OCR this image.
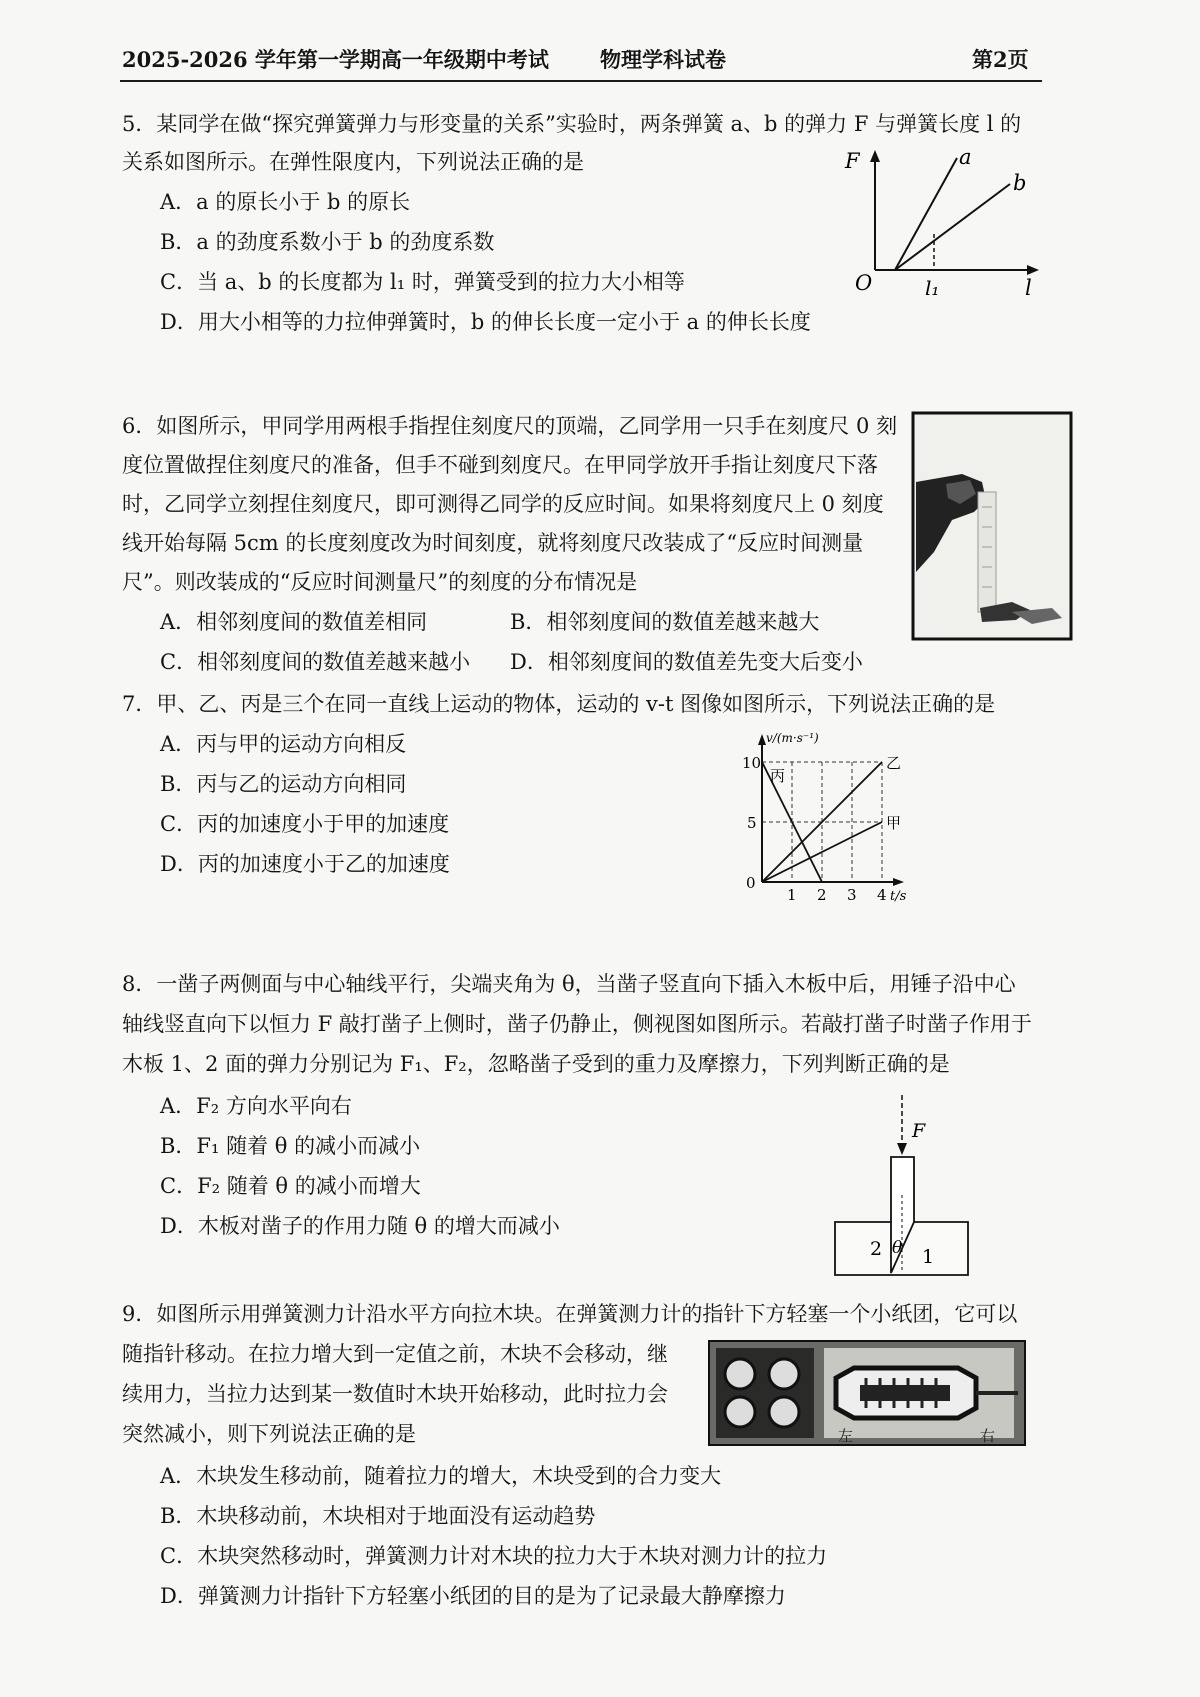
2025-2026 学年第一学期高一年级期中考试 物理学科试卷	第2页
5．某同学在做“探究弹簧弹力与形变量的关系”实验时，两条弹簧 a、b 的弹力 F 与弹簧长度 l 的
关系如图所示。在弹性限度内，下列说法正确的是
A．a 的原长小于 b 的原长
B．a 的劲度系数小于 b 的劲度系数
C．当 a、b 的长度都为 l₁ 时，弹簧受到的拉力大小相等
D．用大小相等的力拉伸弹簧时，b 的伸长长度一定小于 a 的伸长长度
F
O	l₁	l
a
b
6．如图所示，甲同学用两根手指捏住刻度尺的顶端，乙同学用一只手在刻度尺 0 刻
度位置做捏住刻度尺的准备，但手不碰到刻度尺。在甲同学放开手指让刻度尺下落
时，乙同学立刻捏住刻度尺，即可测得乙同学的反应时间。如果将刻度尺上 0 刻度
线开始每隔 5cm 的长度刻度改为时间刻度，就将刻度尺改装成了“反应时间测量
尺”。则改装成的“反应时间测量尺”的刻度的分布情况是
A．相邻刻度间的数值差相同	B．相邻刻度间的数值差越来越大
C．相邻刻度间的数值差越来越小 D．相邻刻度间的数值差先变大后变小
7．甲、乙、丙是三个在同一直线上运动的物体，运动的 v-t 图像如图所示，下列说法正确的是
A．丙与甲的运动方向相反
B．丙与乙的运动方向相同
C．丙的加速度小于甲的加速度
D．丙的加速度小于乙的加速度
v/(m·s⁻¹)
10
5
0
1 2 3 4 t/s
丙
乙
甲
8．一凿子两侧面与中心轴线平行，尖端夹角为 θ，当凿子竖直向下插入木板中后，用锤子沿中心
轴线竖直向下以恒力 F 敲打凿子上侧时，凿子仍静止，侧视图如图所示。若敲打凿子时凿子作用于
木板 1、2 面的弹力分别记为 F₁、F₂，忽略凿子受到的重力及摩擦力，下列判断正确的是
A．F₂ 方向水平向右
B．F₁ 随着 θ 的减小而减小
C．F₂ 随着 θ 的减小而增大
D．木板对凿子的作用力随 θ 的增大而减小
F
2 θ 1
9．如图所示用弹簧测力计沿水平方向拉木块。在弹簧测力计的指针下方轻塞一个小纸团，它可以
随指针移动。在拉力增大到一定值之前，木块不会移动，继
续用力，当拉力达到某一数值时木块开始移动，此时拉力会
突然减小，则下列说法正确的是
A．木块发生移动前，随着拉力的增大，木块受到的合力变大
B．木块移动前，木块相对于地面没有运动趋势
C．木块突然移动时，弹簧测力计对木块的拉力大于木块对测力计的拉力
D．弹簧测力计指针下方轻塞小纸团的目的是为了记录最大静摩擦力
左	右
